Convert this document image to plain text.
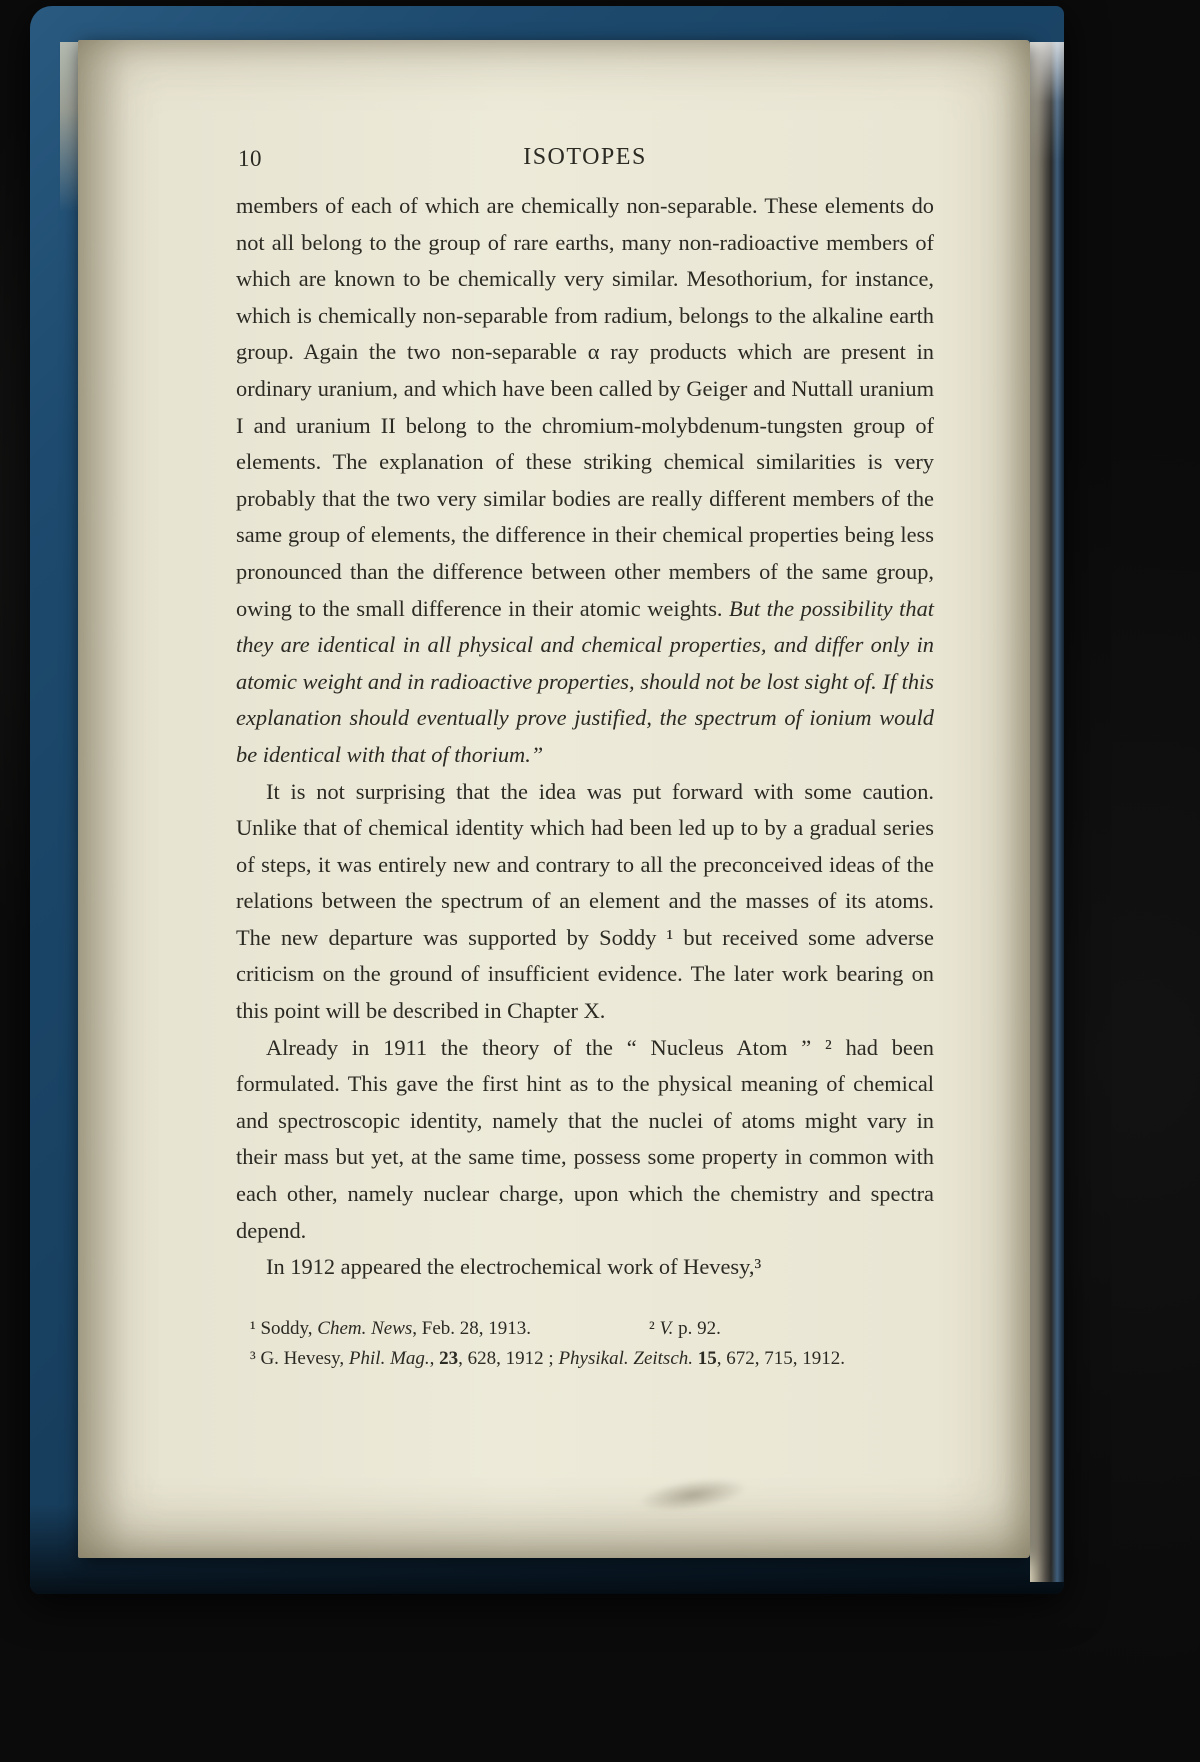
10	ISOTOPES

members of each of which are chemically non-separable. These elements do not all belong to the group of rare earths, many non-radioactive members of which are known to be chemically very similar. Mesothorium, for instance, which is chemically non-separable from radium, belongs to the alkaline earth group. Again the two non-separable α ray products which are present in ordinary uranium, and which have been called by Geiger and Nuttall uranium I and uranium II belong to the chromium-molybdenum-tungsten group of elements. The explanation of these striking chemical similarities is very probably that the two very similar bodies are really different members of the same group of elements, the difference in their chemical properties being less pronounced than the difference between other members of the same group, owing to the small difference in their atomic weights. But the possibility that they are identical in all physical and chemical properties, and differ only in atomic weight and in radioactive properties, should not be lost sight of. If this explanation should eventually prove justified, the spectrum of ionium would be identical with that of thorium.”

It is not surprising that the idea was put forward with some caution. Unlike that of chemical identity which had been led up to by a gradual series of steps, it was entirely new and contrary to all the preconceived ideas of the relations between the spectrum of an element and the masses of its atoms. The new departure was supported by Soddy ¹ but received some adverse criticism on the ground of insufficient evidence. The later work bearing on this point will be described in Chapter X.

Already in 1911 the theory of the “ Nucleus Atom ” ² had been formulated. This gave the first hint as to the physical meaning of chemical and spectroscopic identity, namely that the nuclei of atoms might vary in their mass but yet, at the same time, possess some property in common with each other, namely nuclear charge, upon which the chemistry and spectra depend.

In 1912 appeared the electrochemical work of Hevesy,³

¹ Soddy, Chem. News, Feb. 28, 1913.	² V. p. 92.

³ G. Hevesy, Phil. Mag., 23, 628, 1912 ; Physikal. Zeitsch. 15, 672, 715, 1912.
